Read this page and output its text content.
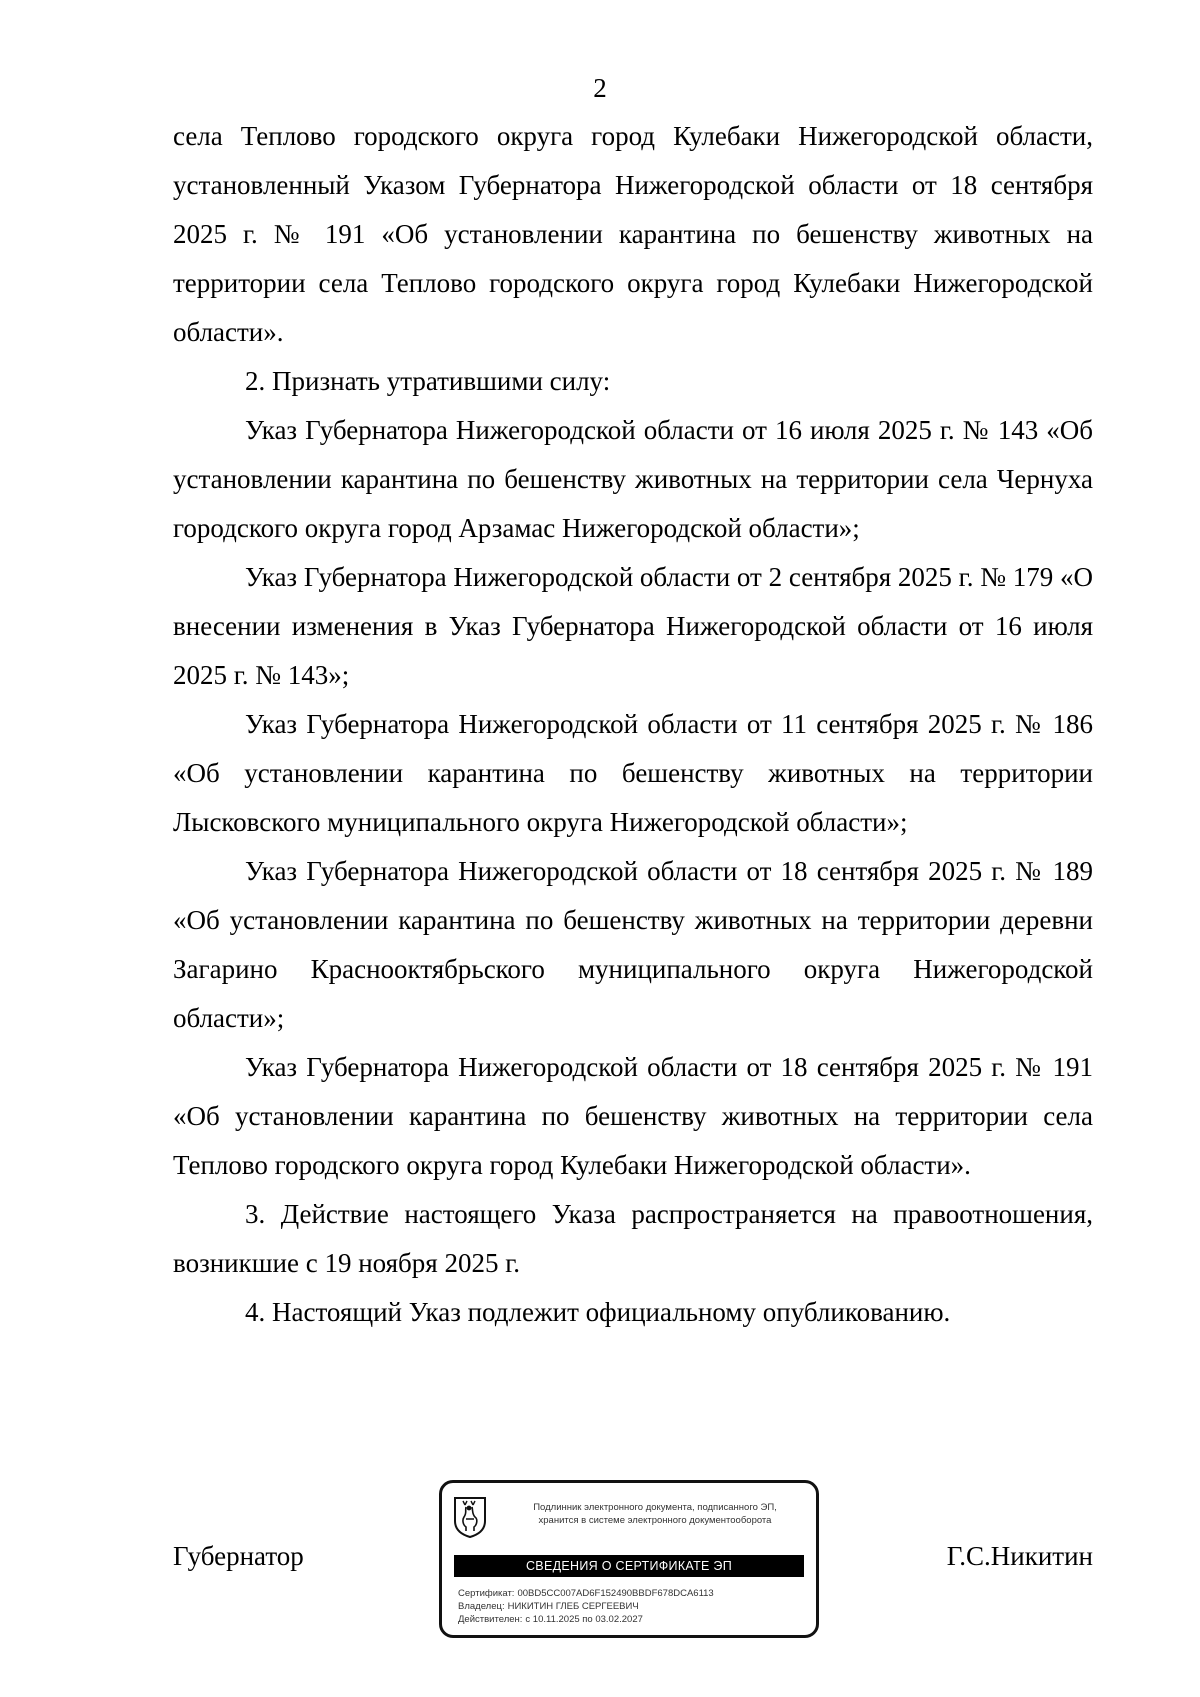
2

села Теплово городского округа город Кулебаки Нижегородской области, установленный Указом Губернатора Нижегородской области от 18 сентября 2025 г. № 191 «Об установлении карантина по бешенству животных на территории села Теплово городского округа город Кулебаки Нижегородской области».

2. Признать утратившими силу:

Указ Губернатора Нижегородской области от 16 июля 2025 г. № 143 «Об установлении карантина по бешенству животных на территории села Чернуха городского округа город Арзамас Нижегородской области»;

Указ Губернатора Нижегородской области от 2 сентября 2025 г. № 179 «О внесении изменения в Указ Губернатора Нижегородской области от 16 июля 2025 г. № 143»;

Указ Губернатора Нижегородской области от 11 сентября 2025 г. № 186 «Об установлении карантина по бешенству животных на территории Лысковского муниципального округа Нижегородской области»;

Указ Губернатора Нижегородской области от 18 сентября 2025 г. № 189 «Об установлении карантина по бешенству животных на территории деревни Загарино Краснооктябрьского муниципального округа Нижегородской области»;

Указ Губернатора Нижегородской области от 18 сентября 2025 г. № 191 «Об установлении карантина по бешенству животных на территории села Теплово городского округа город Кулебаки Нижегородской области».

3. Действие настоящего Указа распространяется на правоотношения, возникшие с 19 ноября 2025 г.

4. Настоящий Указ подлежит официальному опубликованию.

Губернатор
Подлинник электронного документа, подписанного ЭП,
хранится в системе электронного документооборота
СВЕДЕНИЯ О СЕРТИФИКАТЕ ЭП
Сертификат: 00BD5CC007AD6F152490BBDF678DCA6113
Владелец: НИКИТИН ГЛЕБ СЕРГЕЕВИЧ
Действителен: с 10.11.2025 по 03.02.2027
Г.С.Никитин
